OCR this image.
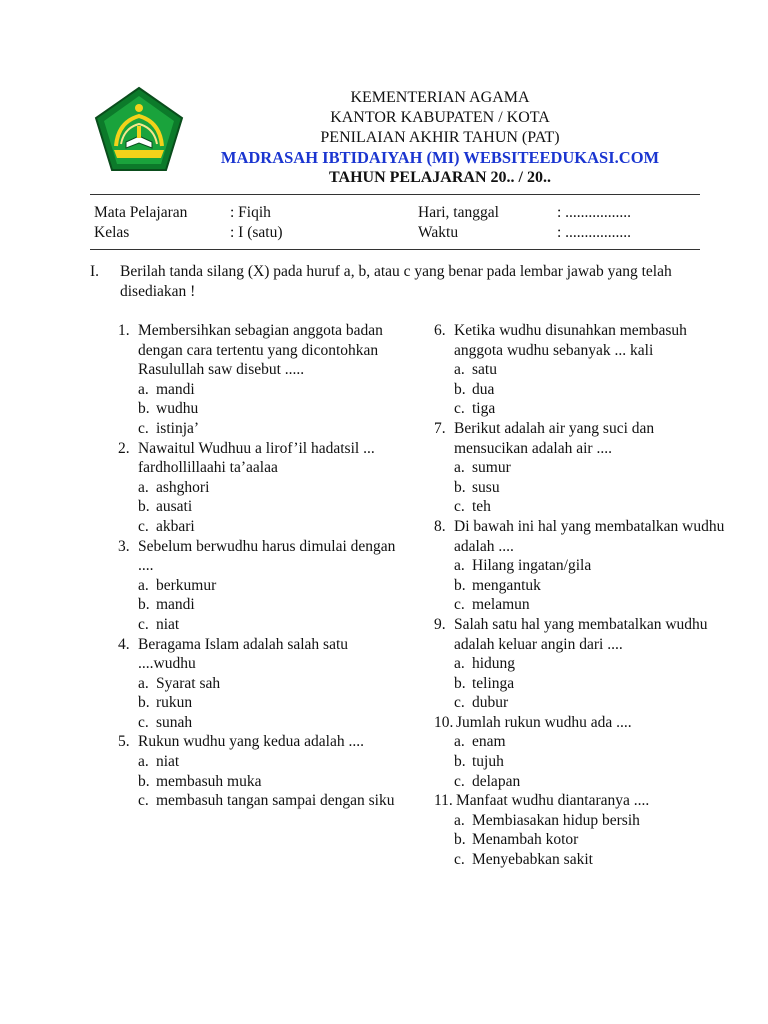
KEMENTERIAN AGAMA
KANTOR KABUPATEN / KOTA
PENILAIAN AKHIR TAHUN (PAT)
MADRASAH IBTIDAIYAH (MI) WEBSITEEDUKASI.COM
TAHUN PELAJARAN 20.. / 20..
Mata Pelajaran	: Fiqih	Hari, tanggal	: .................
Kelas	: I (satu)	Waktu	: .................
I. Berilah tanda silang (X) pada huruf a, b, atau c yang benar pada lembar jawab yang telah disediakan !
1. Membersihkan sebagian anggota badan dengan cara tertentu yang dicontohkan Rasulullah saw disebut .....
a. mandi
b. wudhu
c. istinja’
2. Nawaitul Wudhuu a lirof’il hadatsil ... fardhollillaahi ta’aalaa
a. ashghori
b. ausati
c. akbari
3. Sebelum berwudhu harus dimulai dengan ....
a. berkumur
b. mandi
c. niat
4. Beragama Islam adalah salah satu ....wudhu
a. Syarat sah
b. rukun
c. sunah
5. Rukun wudhu yang kedua adalah ....
a. niat
b. membasuh muka
c. membasuh tangan sampai dengan siku
6. Ketika wudhu disunahkan membasuh anggota wudhu sebanyak ... kali
a. satu
b. dua
c. tiga
7. Berikut adalah air yang suci dan mensucikan adalah air ....
a. sumur
b. susu
c. teh
8. Di bawah ini hal yang membatalkan wudhu adalah ....
a. Hilang ingatan/gila
b. mengantuk
c. melamun
9. Salah satu hal yang membatalkan wudhu adalah keluar angin dari ....
a. hidung
b. telinga
c. dubur
10. Jumlah rukun wudhu ada ....
a. enam
b. tujuh
c. delapan
11. Manfaat wudhu diantaranya ....
a. Membiasakan hidup bersih
b. Menambah kotor
c. Menyebabkan sakit
